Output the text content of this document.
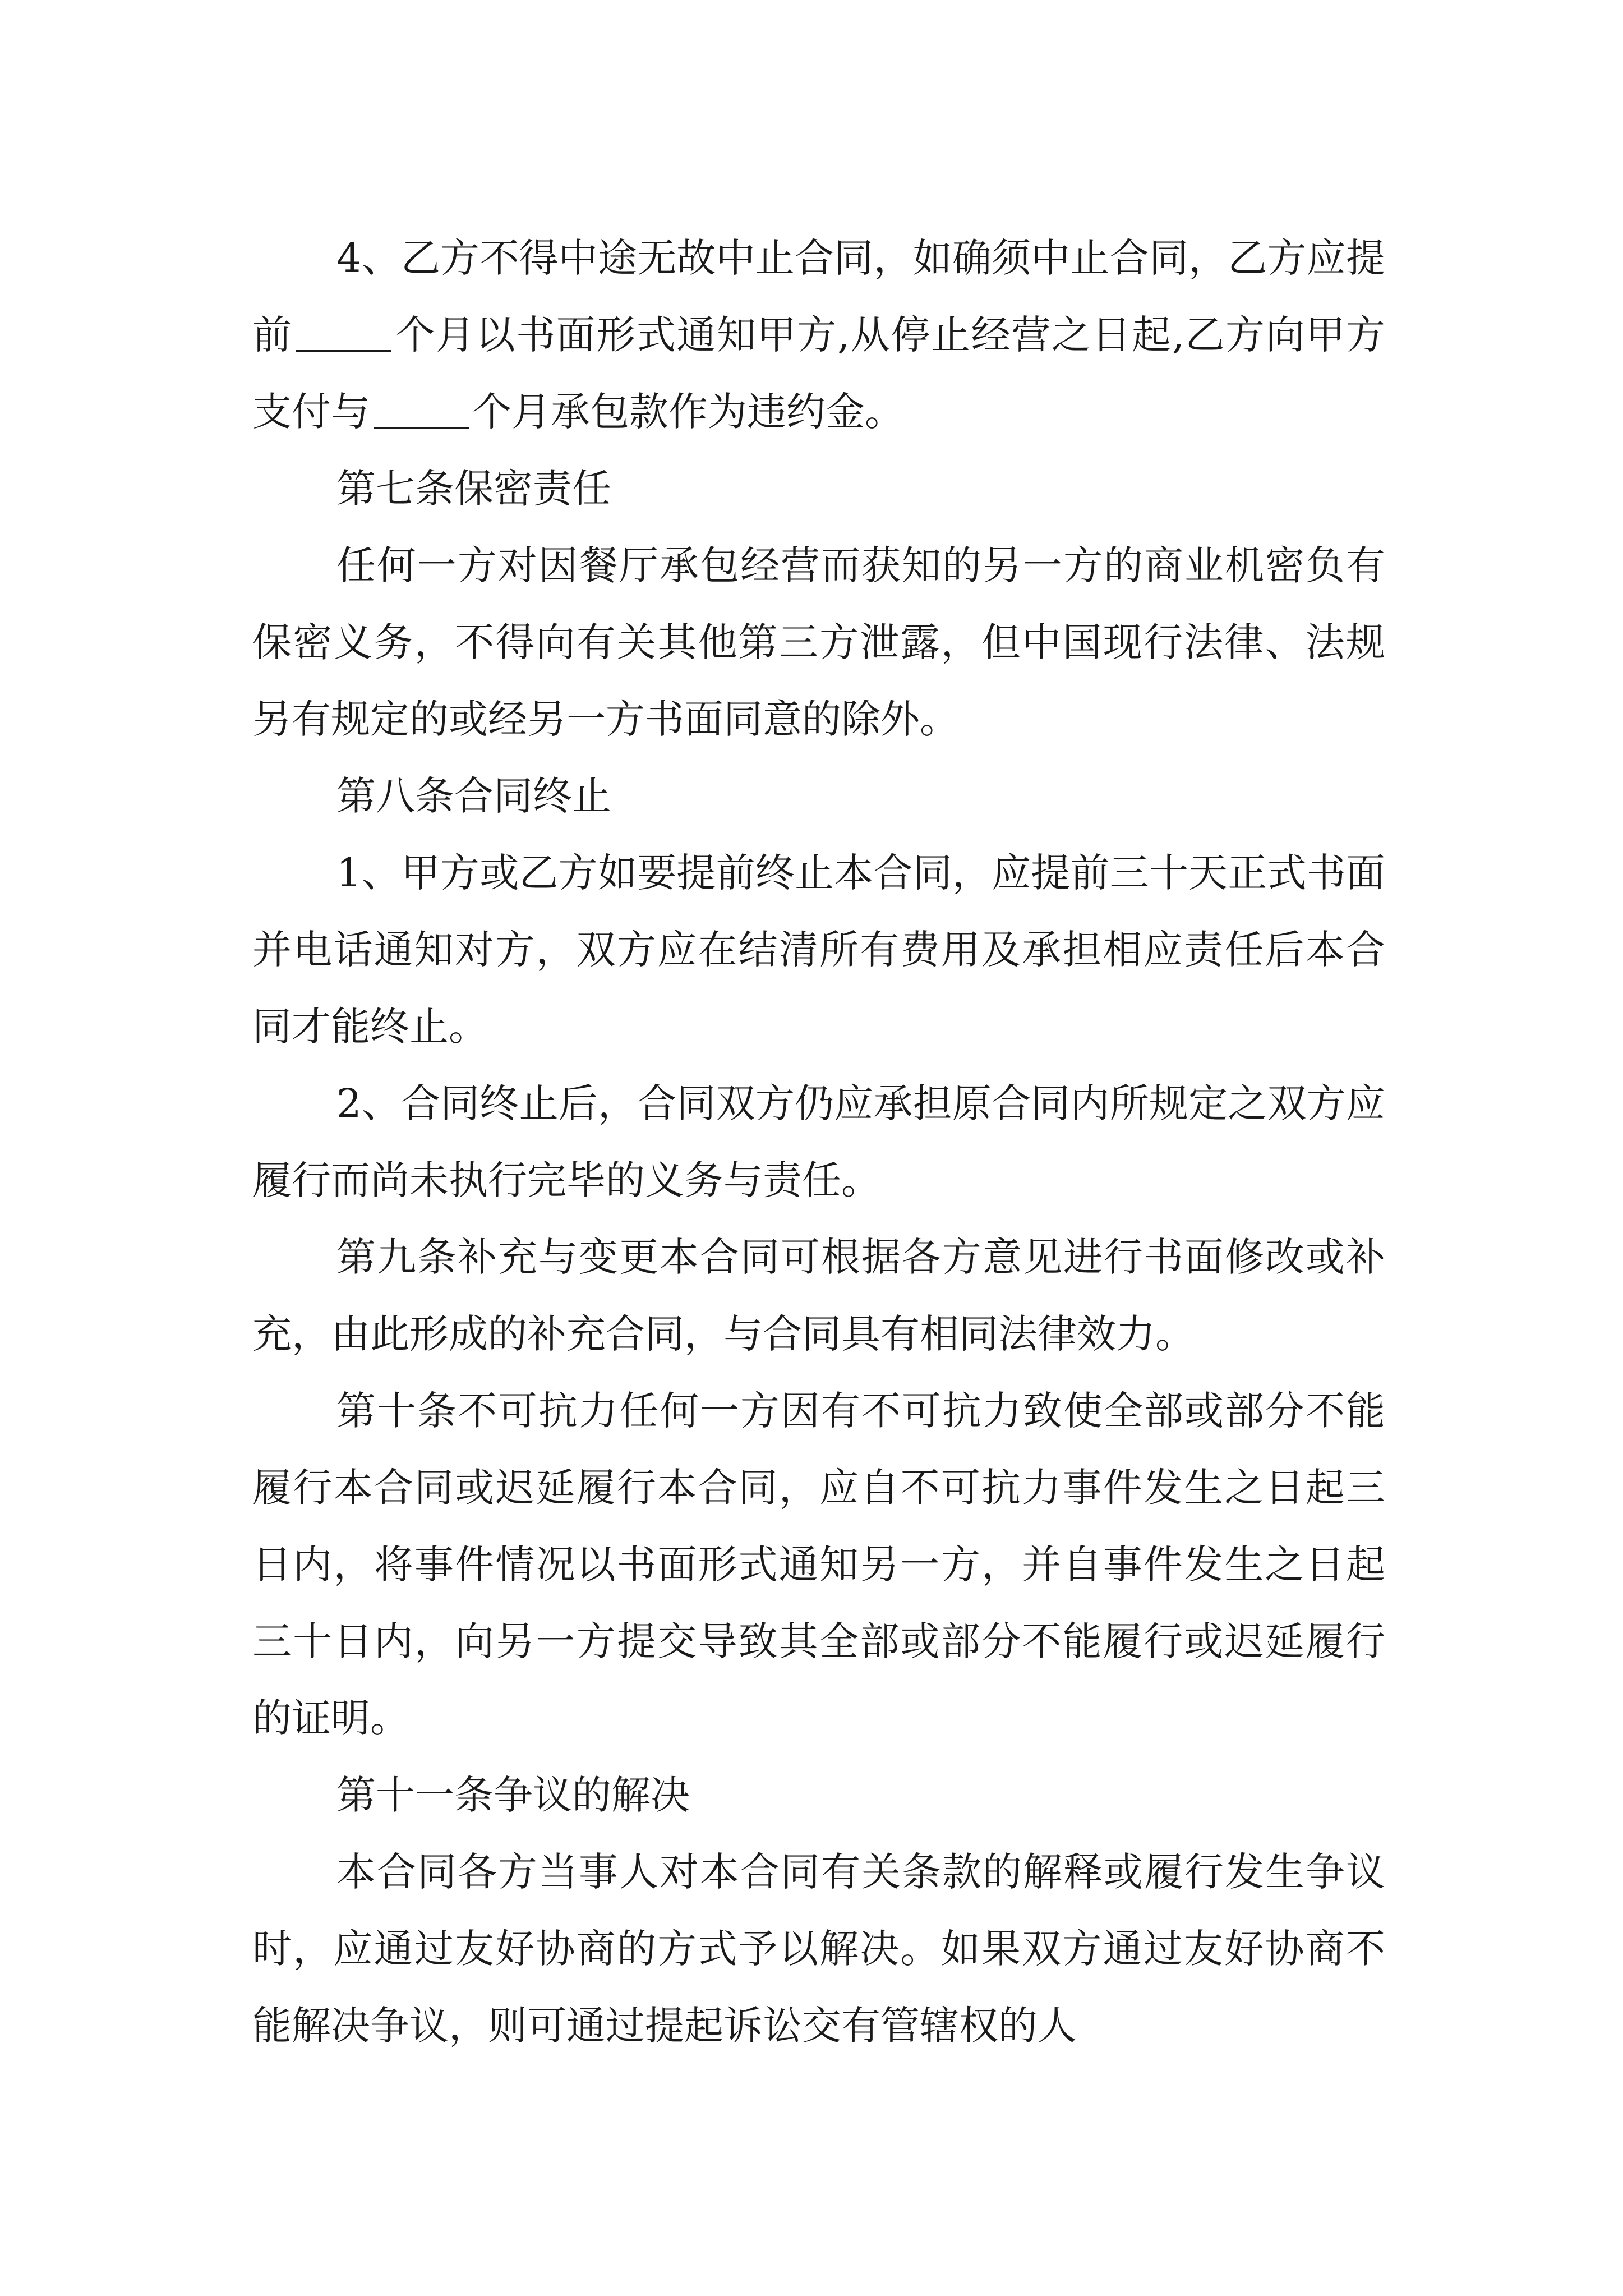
4、乙方不得中途无故中止合同，如确须中止合同，乙方应提前	个月以书面形式通知甲方,从停止经营之日起,乙方向甲方支付与	个月承包款作为违约金。

第七条保密责任

任何一方对因餐厅承包经营而获知的另一方的商业机密负有保密义务，不得向有关其他第三方泄露，但中国现行法律、法规另有规定的或经另一方书面同意的除外。

第八条合同终止

1、甲方或乙方如要提前终止本合同，应提前三十天正式书面并电话通知对方，双方应在结清所有费用及承担相应责任后本合同才能终止。

2、合同终止后，合同双方仍应承担原合同内所规定之双方应履行而尚未执行完毕的义务与责任。

第九条补充与变更本合同可根据各方意见进行书面修改或补充，由此形成的补充合同，与合同具有相同法律效力。

第十条不可抗力任何一方因有不可抗力致使全部或部分不能履行本合同或迟延履行本合同，应自不可抗力事件发生之日起三日内，将事件情况以书面形式通知另一方，并自事件发生之日起三十日内，向另一方提交导致其全部或部分不能履行或迟延履行的证明。

第十一条争议的解决

本合同各方当事人对本合同有关条款的解释或履行发生争议时，应通过友好协商的方式予以解决。如果双方通过友好协商不能解决争议，则可通过提起诉讼交有管辖权的人
